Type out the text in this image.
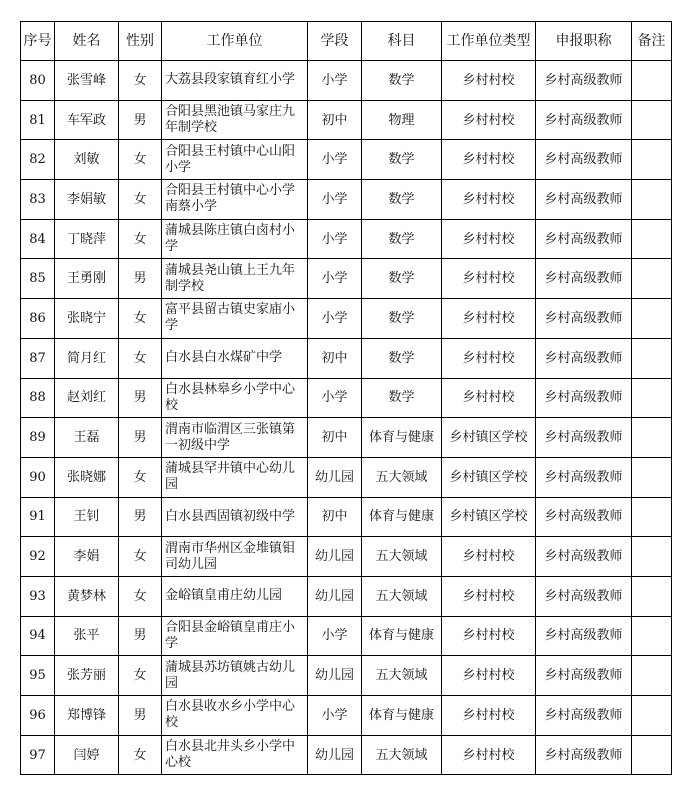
序号	姓名	性别	工作单位	学段	科目	工作单位类型	申报职称	备注
80	张雪峰	女	大荔县段家镇育红小学	小学	数学	乡村村校	乡村高级教师	
81	车军政	男	合阳县黑池镇马家庄九年制学校	初中	物理	乡村村校	乡村高级教师	
82	刘敏	女	合阳县王村镇中心山阳小学	小学	数学	乡村村校	乡村高级教师	
83	李娟敏	女	合阳县王村镇中心小学南蔡小学	小学	数学	乡村村校	乡村高级教师	
84	丁晓萍	女	蒲城县陈庄镇白卤村小学	小学	数学	乡村村校	乡村高级教师	
85	王勇刚	男	蒲城县尧山镇上王九年制学校	小学	数学	乡村村校	乡村高级教师	
86	张晓宁	女	富平县留古镇史家庙小学	小学	数学	乡村村校	乡村高级教师	
87	简月红	女	白水县白水煤矿中学	初中	数学	乡村村校	乡村高级教师	
88	赵刘红	男	白水县林皋乡小学中心校	小学	数学	乡村村校	乡村高级教师	
89	王磊	男	渭南市临渭区三张镇第一初级中学	初中	体育与健康	乡村镇区学校	乡村高级教师	
90	张晓娜	女	蒲城县罕井镇中心幼儿园	幼儿园	五大领域	乡村镇区学校	乡村高级教师	
91	王钊	男	白水县西固镇初级中学	初中	体育与健康	乡村镇区学校	乡村高级教师	
92	李娟	女	渭南市华州区金堆镇钼司幼儿园	幼儿园	五大领域	乡村村校	乡村高级教师	
93	黄梦林	女	金峪镇皇甫庄幼儿园	幼儿园	五大领域	乡村村校	乡村高级教师	
94	张平	男	合阳县金峪镇皇甫庄小学	小学	体育与健康	乡村村校	乡村高级教师	
95	张芳丽	女	蒲城县苏坊镇姚古幼儿园	幼儿园	五大领域	乡村村校	乡村高级教师	
96	郑博锋	男	白水县收水乡小学中心校	小学	体育与健康	乡村村校	乡村高级教师	
97	闫婷	女	白水县北井头乡小学中心校	幼儿园	五大领域	乡村村校	乡村高级教师	
